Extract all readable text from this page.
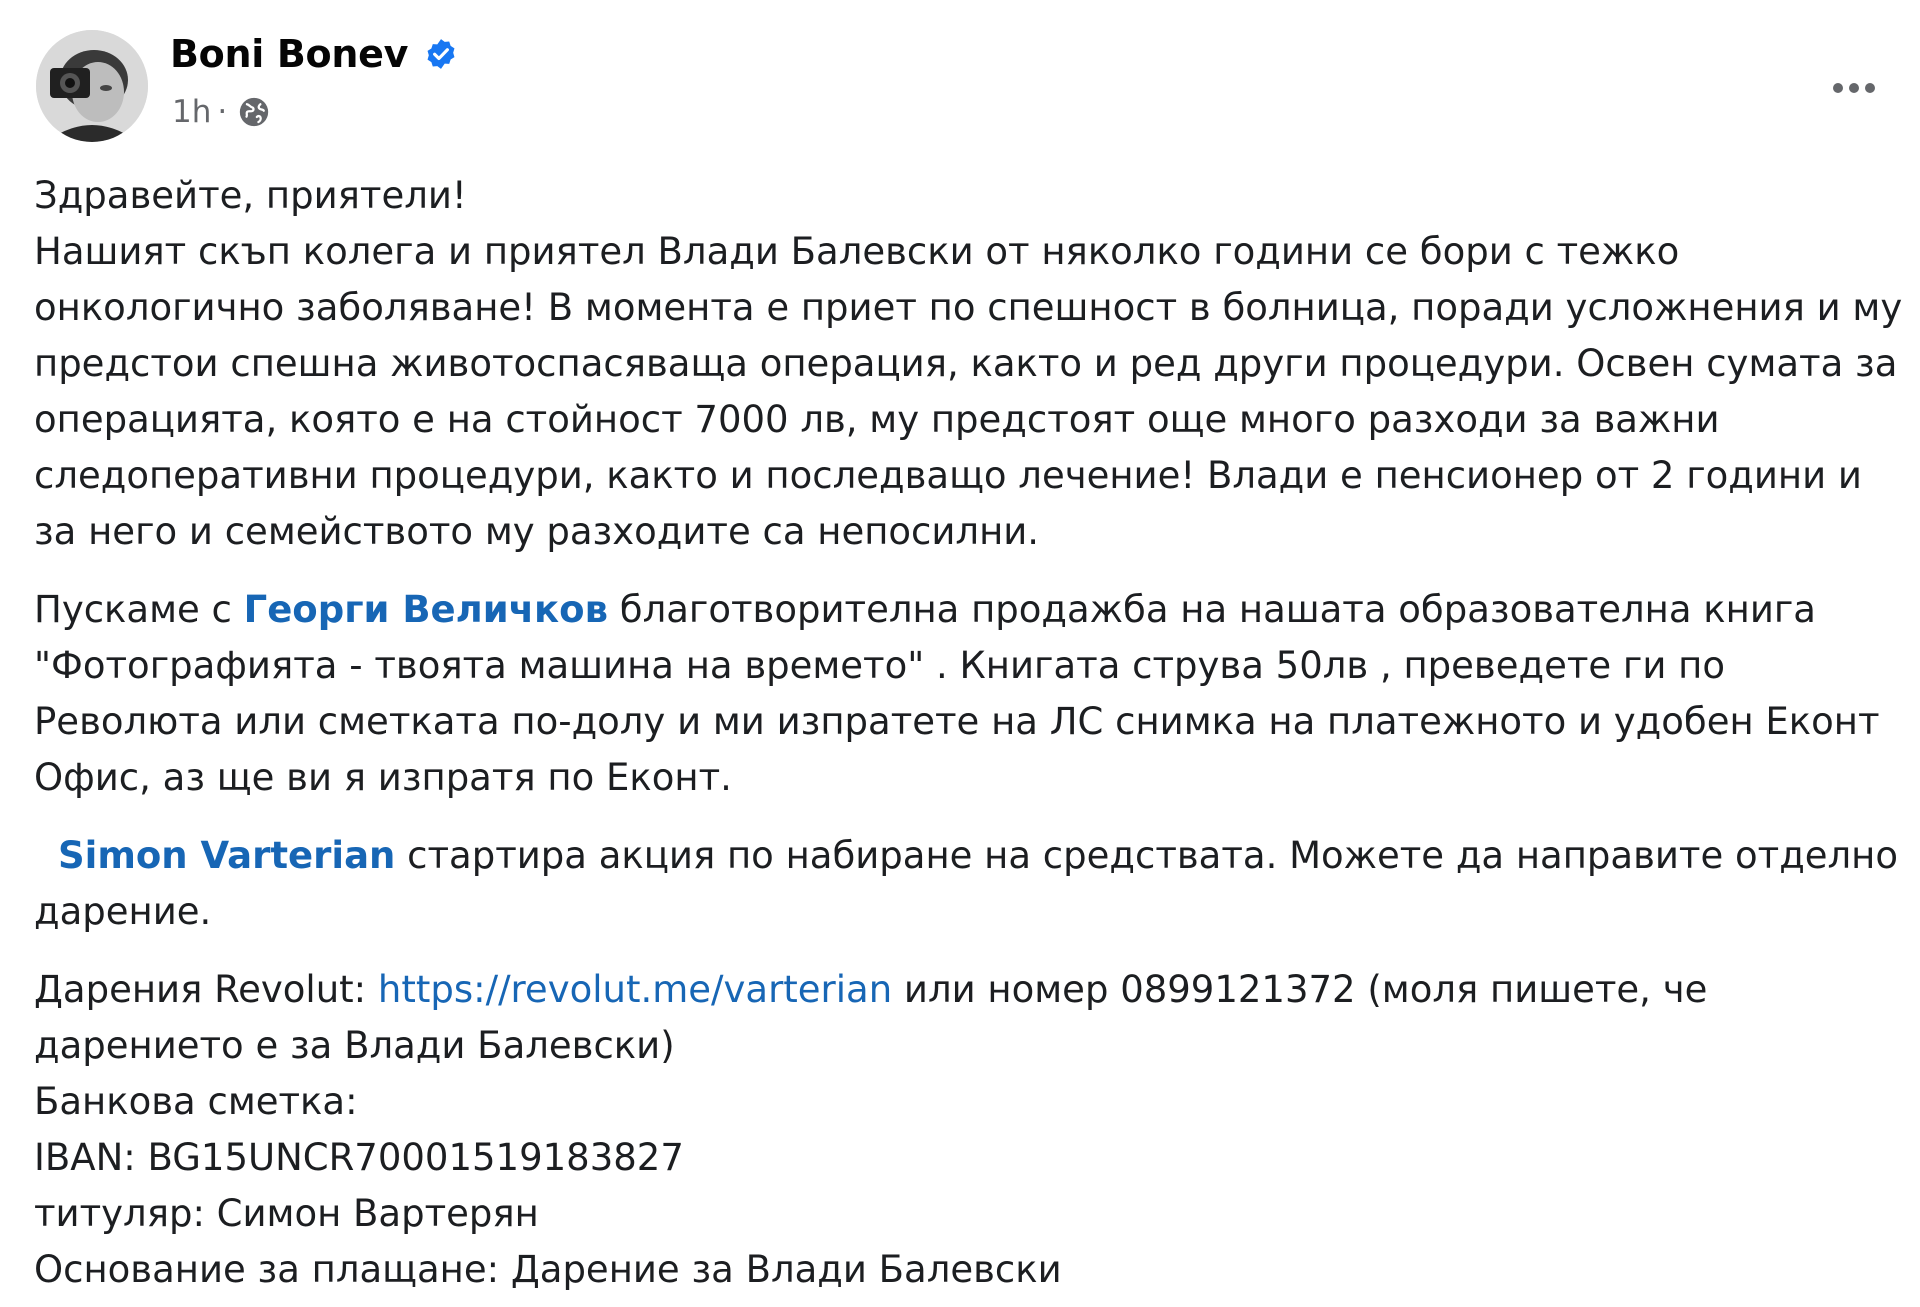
Boni Bonev
1h ·

Здравейте, приятели!

Нашият скъп колега и приятел Влади Балевски от няколко години се бори с тежко онкологично заболяване! В момента е приет по спешност в болница, поради усложнения и му предстои спешна животоспасяваща операция, както и ред други процедури. Освен сумата за операцията, която е на стойност 7000 лв, му предстоят още много разходи за важни следоперативни процедури, както и последващо лечение! Влади е пенсионер от 2 години и за него и семейството му разходите са непосилни.

Пускаме с Георги Величков благотворителна продажба на нашата образователна книга "Фотографията - твоята машина на времето" . Книгата струва 50лв , преведете ги по Революта или сметката по-долу и ми изпратете на ЛС снимка на платежното и удобен Еконт Офис, аз ще ви я изпратя по Еконт.

Simon Varterian стартира акция по набиране на средствата. Можете да направите отделно дарение.

Дарения Revolut: https://revolut.me/varterian или номер 0899121372 (моля пишете, че дарението е за Влади Балевски)

Банкова сметка:

IBAN: BG15UNCR70001519183827

титуляр: Симон Вартерян

Основание за плащане: Дарение за Влади Балевски
